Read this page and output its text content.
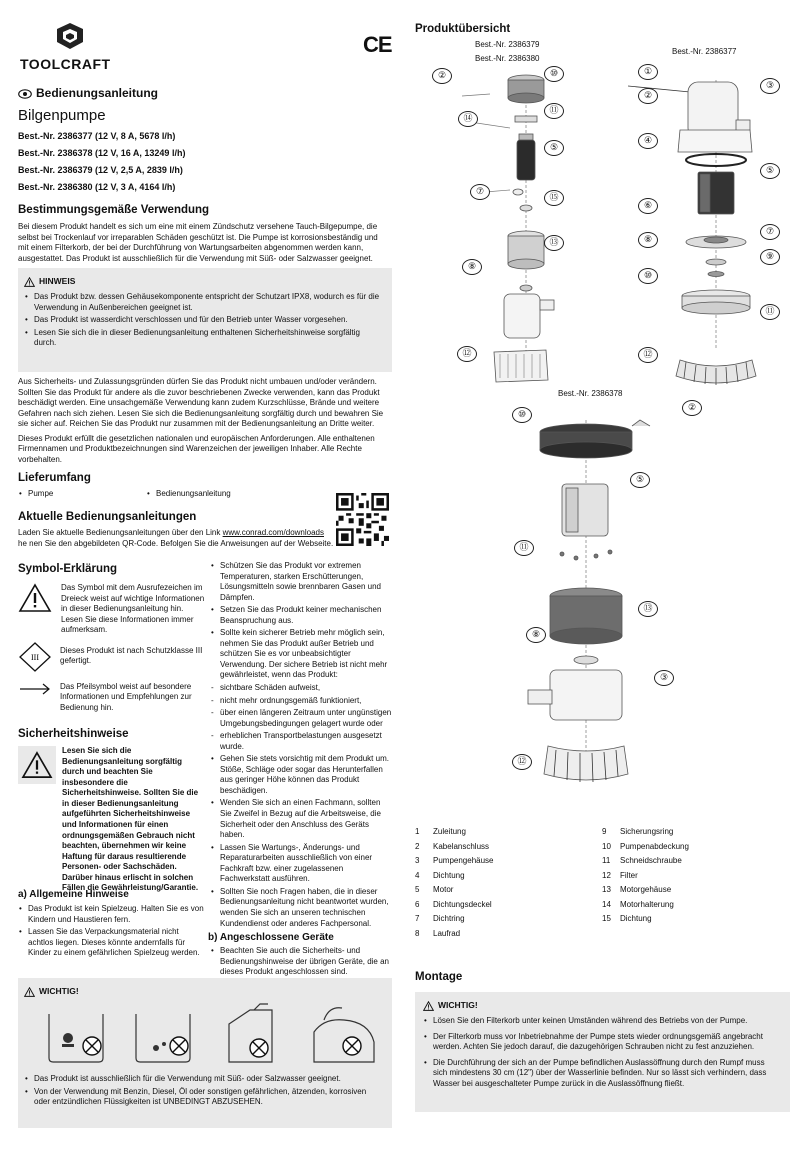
TOOLCRAFT
CE
Bedienungsanleitung
Bilgenpumpe
Best.-Nr. 2386377 (12 V, 8 A, 5678 l/h)
Best.-Nr. 2386378 (12 V, 16 A, 13249 l/h)
Best.-Nr. 2386379 (12 V, 2,5 A, 2839 l/h)
Best.-Nr. 2386380 (12 V, 3 A, 4164 l/h)
Bestimmungsgemäße Verwendung

Bei diesem Produkt handelt es sich um eine mit einem Zündschutz versehene Tauch-Bilgepumpe, die selbst bei Trockenlauf vor irreparablen Schäden geschützt ist. Die Pumpe ist korrosionsbeständig und mit einem Filterkorb, der bei der Durchführung von Wartungsarbeiten abgenommen werden kann, ausgestattet. Das Produkt ist ausschließlich für die Verwendung mit Süß- oder Salzwasser geeignet.

HINWEIS
• Das Produkt bzw. dessen Gehäusekomponente entspricht der Schutzart IPX8, wodurch es für die Verwendung in Außenbereichen geeignet ist.
• Das Produkt ist wasserdicht verschlossen und für den Betrieb unter Wasser vorgesehen.
• Lesen Sie sich die in dieser Bedienungsanleitung enthaltenen Sicherheitshinweise sorgfältig durch.

Aus Sicherheits- und Zulassungsgründen dürfen Sie das Produkt nicht umbauen und/oder verändern. Sollten Sie das Produkt für andere als die zuvor beschriebenen Zwecke verwenden, kann das Produkt beschädigt werden. Eine unsachgemäße Verwendung kann zudem Kurzschlüsse, Brände und weitere Gefahren nach sich ziehen. Lesen Sie sich die Bedienungsanleitung sorgfältig durch und bewahren Sie sie sicher auf. Reichen Sie das Produkt nur zusammen mit der Bedienungsanleitung an Dritte weiter.

Dieses Produkt erfüllt die gesetzlichen nationalen und europäischen Anforderungen. Alle enthaltenen Firmennamen und Produktbezeichnungen sind Warenzeichen der jeweiligen Inhaber. Alle Rechte vorbehalten.

Lieferumfang
• Pumpe
•	Bedienungsanleitung
Aktuelle Bedienungsanleitungen

Laden Sie aktuelle Bedienungsanleitungen über den Link www.conrad.com/downloads he nen Sie den abgebildeten QR-Code. Befolgen Sie die Anweisungen auf der Webseite.

Symbol-Erklärung

Das Symbol mit dem Ausrufezeichen im Dreieck weist auf wichtige Informationen in dieser Bedienungsanleitung hin. Lesen Sie diese Informationen immer aufmerksam.

III

Dieses Produkt ist nach Schutzklasse III gefertigt.

Das Pfeilsymbol weist auf besondere Informationen und Empfehlungen zur Bedienung hin.

Sicherheitshinweise

Lesen Sie sich die Bedienungsanleitung sorgfältig durch und beachten Sie insbesondere die Sicherheitshinweise. Sollten Sie die in dieser Bedienungsanleitung aufgeführten Sicherheitshinweise und Informationen für einen ordnungsgemäßen Gebrauch nicht beachten, übernehmen wir keine Haftung für daraus resultierende Personen- oder Sachschäden. Darüber hinaus erlischt in solchen Fällen die Gewährleistung/Garantie.

a) Allgemeine Hinweise
• Das Produkt ist kein Spielzeug. Halten Sie es von Kindern und Haustieren fern.
• Lassen Sie das Verpackungsmaterial nicht achtlos liegen. Dieses könnte andernfalls für Kinder zu einem gefährlichen Spielzeug werden.
• Schützen Sie das Produkt vor extremen Temperaturen, starken Erschütterungen, Lösungsmitteln sowie brennbaren Gasen und Dämpfen.
• Setzen Sie das Produkt keiner mechanischen Beanspruchung aus.
• Sollte kein sicherer Betrieb mehr möglich sein, nehmen Sie das Produkt außer Betrieb und schützen Sie es vor unbeabsichtigter Verwendung. Der sichere Betrieb ist nicht mehr gewährleistet, wenn das Produkt:
- sichtbare Schäden aufweist,
- nicht mehr ordnungsgemäß funktioniert,
- über einen längeren Zeitraum unter ungünstigen Umgebungsbedingungen gelagert wurde oder
- erheblichen Transportbelastungen ausgesetzt wurde.
• Gehen Sie stets vorsichtig mit dem Produkt um. Stöße, Schläge oder sogar das Herunterfallen aus geringer Höhe können das Produkt beschädigen.
• Wenden Sie sich an einen Fachmann, sollten Sie Zweifel in Bezug auf die Arbeitsweise, die Sicherheit oder den Anschluss des Geräts haben.
• Lassen Sie Wartungs-, Änderungs- und Reparaturarbeiten ausschließlich von einer Fachkraft bzw. einer zugelassenen Fachwerkstatt ausführen.
• Sollten Sie noch Fragen haben, die in dieser Bedienungsanleitung nicht beantwortet wurden, wenden Sie sich an unseren technischen Kundendienst oder anderes Fachpersonal.
b) Angeschlossene Geräte
• Beachten Sie auch die Sicherheits- und Bedienungshinweise der übrigen Geräte, die an dieses Produkt angeschlossen sind.
WICHTIG!
• Das Produkt ist ausschließlich für die Verwendung mit Süß- oder Salzwasser geeignet.
• Von der Verwendung mit Benzin, Diesel, Öl oder sonstigen gefährlichen, ätzenden, korrosiven oder entzündlichen Flüssigkeiten ist UNBEDINGT ABZUSEHEN.
Produktübersicht
Best.-Nr. 2386379
Best.-Nr. 2386380
Best.-Nr. 2386377
Best.-Nr. 2386378
②	⑩
⑪
⑭
⑤
⑦
⑮
⑬
⑧
⑫
①
②
③
④
⑤
⑥
⑦
⑧
⑨
⑩
⑪
⑫
⑩
②
⑤
⑪
⑬
⑧
③
⑫
1	Zuleitung
2	Kabelanschluss
3	Pumpengehäuse
4	Dichtung
5	Motor
6	Dichtungsdeckel
7	Dichtring
8	Laufrad
9	Sicherungsring
10	Pumpenabdeckung
11	Schneidschraube
12	Filter
13	Motorgehäuse
14	Motorhalterung
15	Dichtung
Montage
WICHTIG!
• Lösen Sie den Filterkorb unter keinen Umständen während des Betriebs von der Pumpe.
• Der Filterkorb muss vor Inbetriebnahme der Pumpe stets wieder ordnungsgemäß angebracht werden. Achten Sie jedoch darauf, die dazugehörigen Schrauben nicht zu fest anzuziehen.
• Die Durchführung der sich an der Pumpe befindlichen Auslassöffnung durch den Rumpf muss sich mindestens 30 cm (12") über der Wasserlinie befinden. Nur so lässt sich verhindern, dass Wasser bei ausgeschalteter Pumpe zurück in die Auslassöffnung fließt.
